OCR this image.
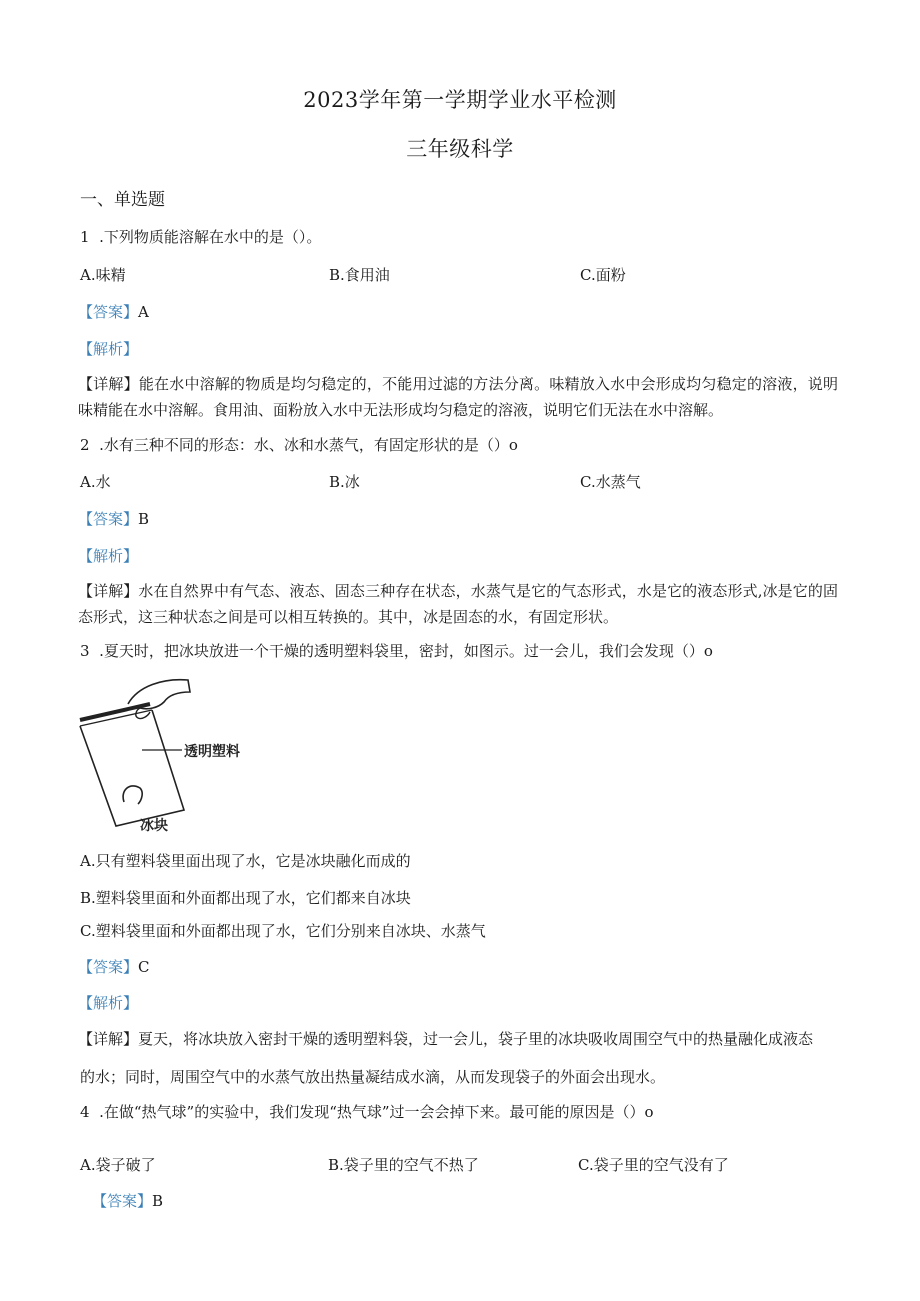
2023学年第一学期学业水平检测
三年级科学
一、单选题
1 .下列物质能溶解在水中的是（）。
A.味精	B.食用油	C.面粉
【答案】A
【解析】
【详解】能在水中溶解的物质是均匀稳定的，不能用过滤的方法分离。味精放入水中会形成均匀稳定的溶液，说明味精能在水中溶解。食用油、面粉放入水中无法形成均匀稳定的溶液，说明它们无法在水中溶解。
2 .水有三种不同的形态：水、冰和水蒸气，有固定形状的是（）o
A.水	B.冰	C.水蒸气
【答案】B
【解析】
【详解】水在自然界中有气态、液态、固态三种存在状态，水蒸气是它的气态形式，水是它的液态形式,冰是它的固态形式，这三种状态之间是可以相互转换的。其中，冰是固态的水，有固定形状。
3 .夏天时，把冰块放进一个干燥的透明塑料袋里，密封，如图示。过一会儿，我们会发现（）o
透明塑料
冰块
A.只有塑料袋里面出现了水，它是冰块融化而成的
B.塑料袋里面和外面都出现了水，它们都来自冰块
C.塑料袋里面和外面都出现了水，它们分别来自冰块、水蒸气
【答案】C
【解析】
【详解】夏天，将冰块放入密封干燥的透明塑料袋，过一会儿，袋子里的冰块吸收周围空气中的热量融化成液态
的水；同时，周围空气中的水蒸气放出热量凝结成水滴，从而发现袋子的外面会出现水。
4 .在做“热气球”的实验中，我们发现“热气球”过一会会掉下来。最可能的原因是（）o
A.袋子破了	B.袋子里的空气不热了	C.袋子里的空气没有了
【答案】B
